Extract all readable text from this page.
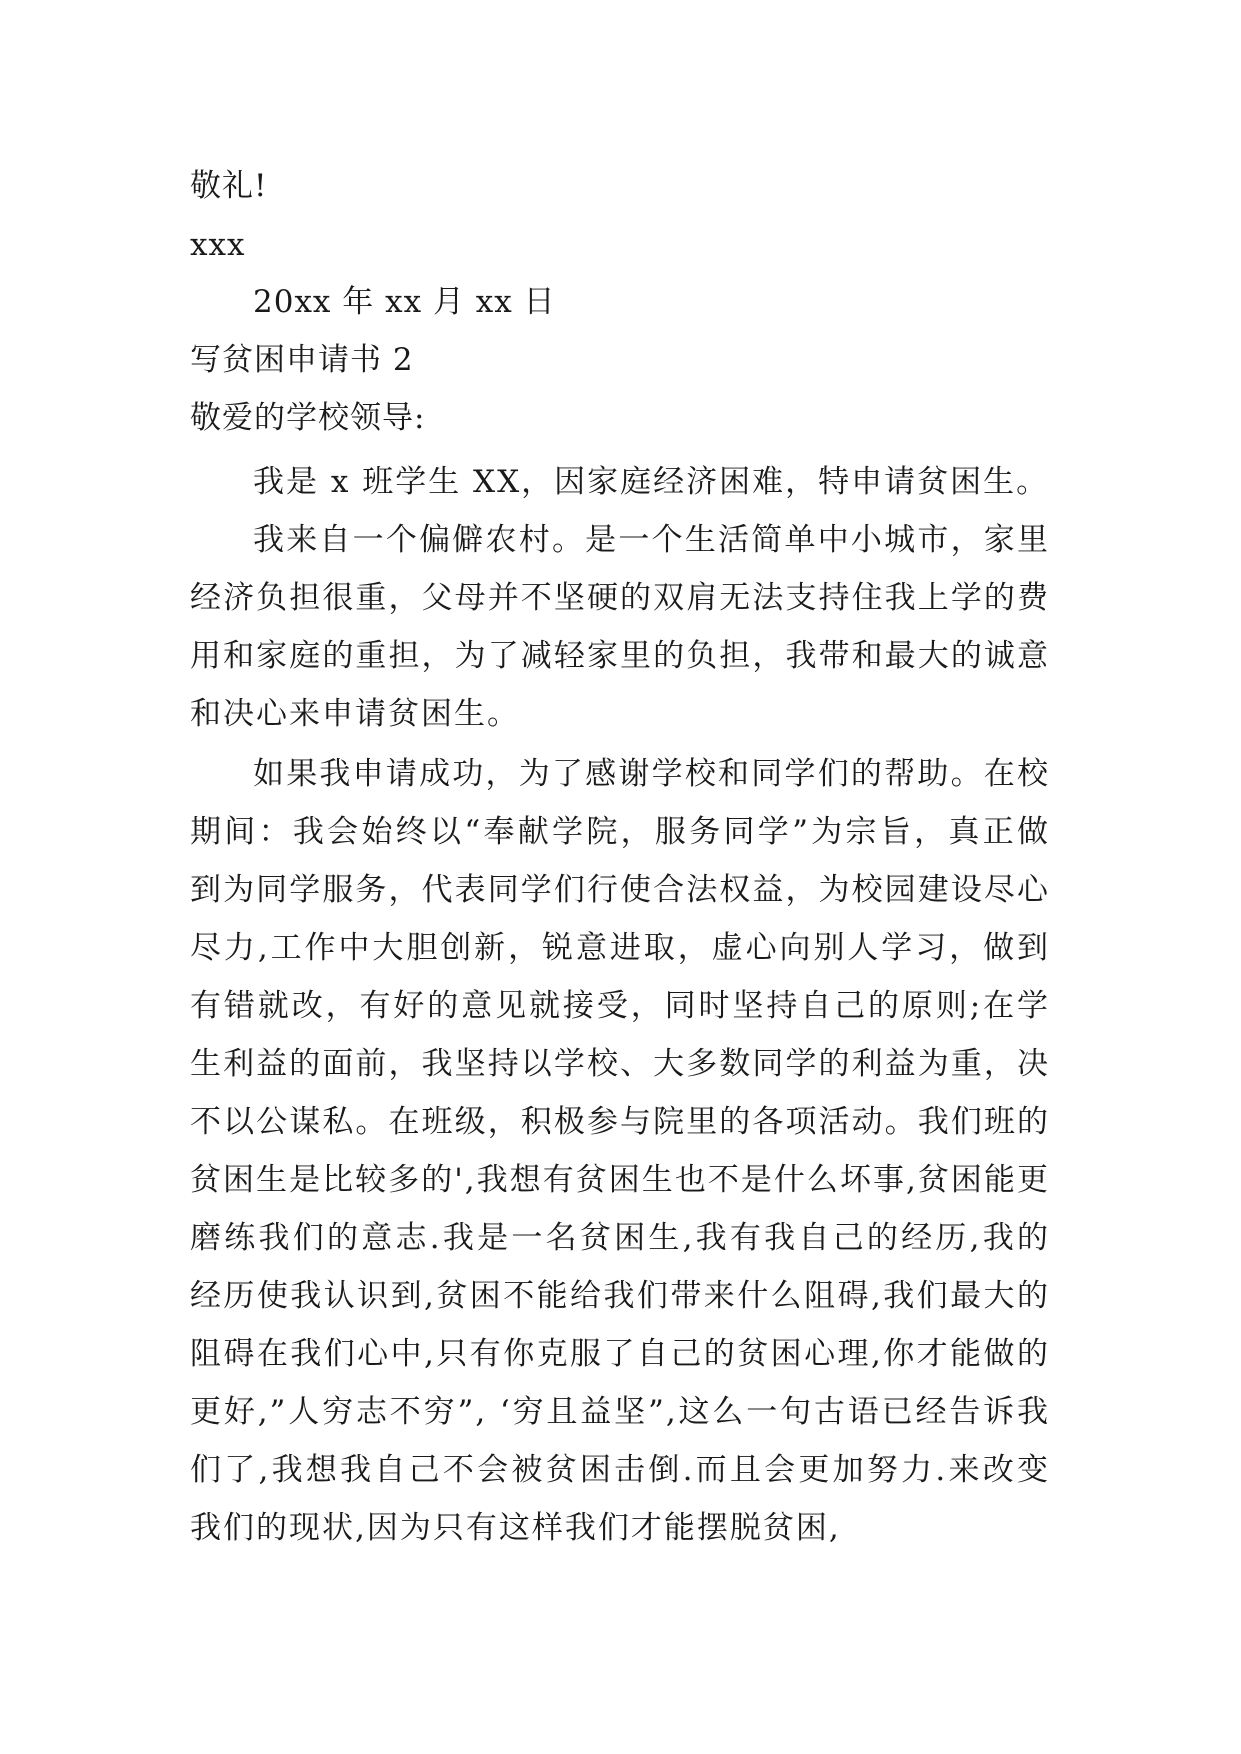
敬礼!
xxx
20xx 年 xx 月 xx 日
写贫困申请书 2
敬爱的学校领导:
我是 x 班学生 XX，因家庭经济困难，特申请贫困生。
我来自一个偏僻农村。是一个生活简单中小城市，家里经济负担很重，父母并不坚硬的双肩无法支持住我上学的费用和家庭的重担，为了减轻家里的负担，我带和最大的诚意和决心来申请贫困生。
如果我申请成功，为了感谢学校和同学们的帮助。在校期间：我会始终以“奉献学院，服务同学”为宗旨，真正做到为同学服务，代表同学们行使合法权益，为校园建设尽心尽力,工作中大胆创新，锐意进取，虚心向别人学习，做到有错就改，有好的意见就接受，同时坚持自己的原则;在学生利益的面前，我坚持以学校、大多数同学的利益为重，决不以公谋私。在班级，积极参与院里的各项活动。我们班的贫困生是比较多的',我想有贫困生也不是什么坏事,贫困能更磨练我们的意志.我是一名贫困生,我有我自己的经历,我的经历使我认识到,贫困不能给我们带来什么阻碍,我们最大的阻碍在我们心中,只有你克服了自己的贫困心理,你才能做的更好,”人穷志不穷”, ‘穷且益坚”,这么一句古语已经告诉我们了,我想我自己不会被贫困击倒.而且会更加努力.来改变我们的现状,因为只有这样我们才能摆脱贫困,
